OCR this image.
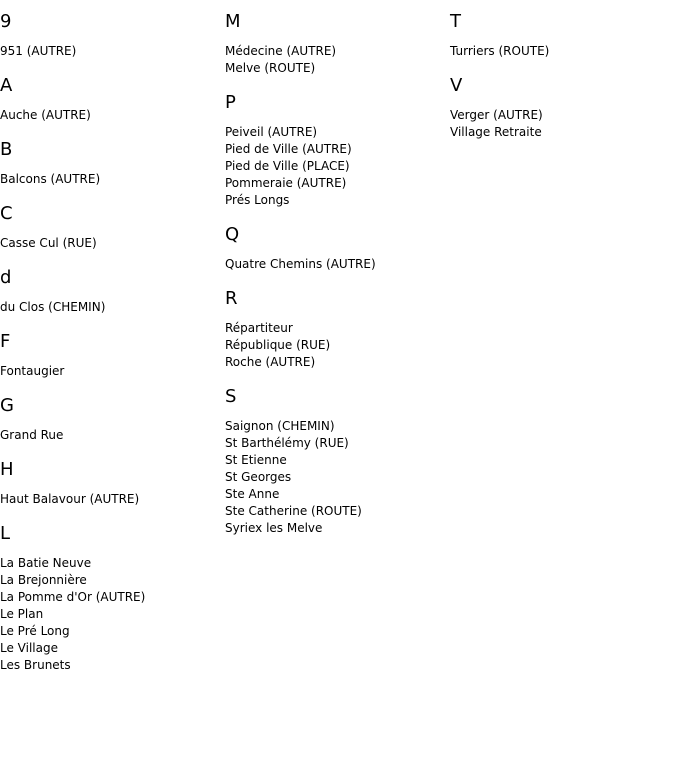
9
951 (AUTRE)
A
Auche (AUTRE)
B
Balcons (AUTRE)
C
Casse Cul (RUE)
d
du Clos (CHEMIN)
F
Fontaugier
G
Grand Rue
H
Haut Balavour (AUTRE)
L
La Batie Neuve
La Brejonnière
La Pomme d'Or (AUTRE)
Le Plan
Le Pré Long
Le Village
Les Brunets
M
Médecine (AUTRE)
Melve (ROUTE)
P
Peiveil (AUTRE)
Pied de Ville (AUTRE)
Pied de Ville (PLACE)
Pommeraie (AUTRE)
Prés Longs
Q
Quatre Chemins (AUTRE)
R
Répartiteur
République (RUE)
Roche (AUTRE)
S
Saignon (CHEMIN)
St Barthélémy (RUE)
St Etienne
St Georges
Ste Anne
Ste Catherine (ROUTE)
Syriex les Melve
T
Turriers (ROUTE)
V
Verger (AUTRE)
Village Retraite
